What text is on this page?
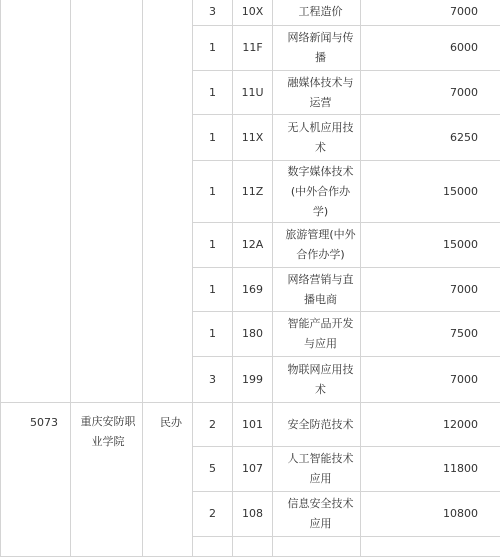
			3	10X	工程造价	7000
			1	11F	网络新闻与传播	6000
			1	11U	融媒体技术与运营	7000
			1	11X	无人机应用技术	6250
			1	11Z	数字媒体技术(中外合作办学)	15000
			1	12A	旅游管理(中外合作办学)	15000
			1	169	网络营销与直播电商	7000
			1	180	智能产品开发与应用	7500
			3	199	物联网应用技术	7000
5073	重庆安防职业学院	民办	2	101	安全防范技术	12000
			5	107	人工智能技术应用	11800
			2	108	信息安全技术应用	10800
